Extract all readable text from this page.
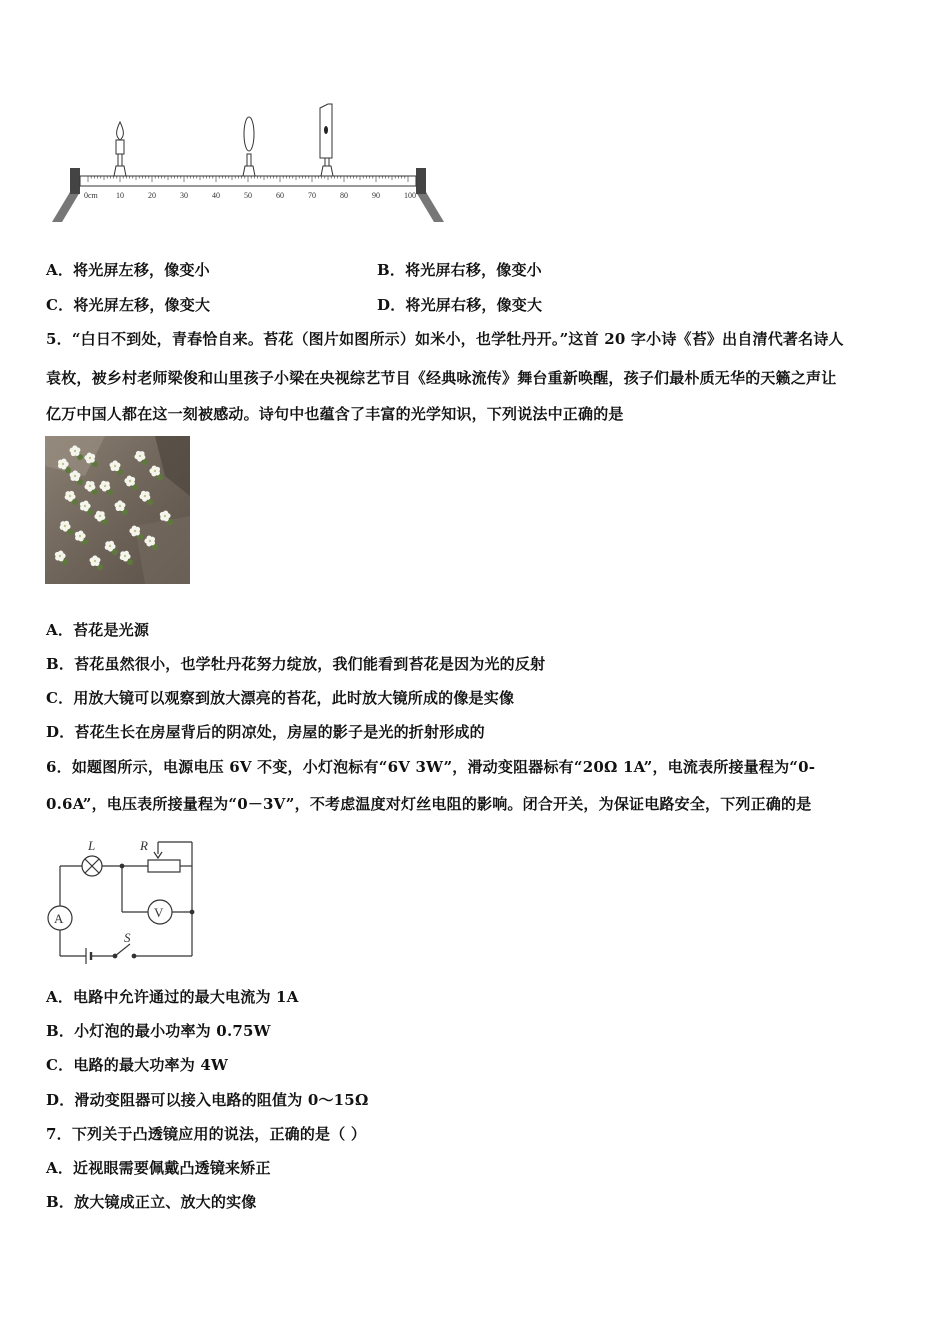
0cm 10	20	30	40	50	60	70	80	90	100
A．将光屏左移，像变小	B．将光屏右移，像变小
C．将光屏左移，像变大	D．将光屏右移，像变大
5．“白日不到处，青春恰自来。苔花（图片如图所示）如米小，也学牡丹开。”这首 20 字小诗《苔》出自清代著名诗人
袁枚，被乡村老师梁俊和山里孩子小梁在央视综艺节目《经典咏流传》舞台重新唤醒，孩子们最朴质无华的天籁之声让
亿万中国人都在这一刻被感动。诗句中也蕴含了丰富的光学知识，下列说法中正确的是
A．苔花是光源
B．苔花虽然很小，也学牡丹花努力绽放，我们能看到苔花是因为光的反射
C．用放大镜可以观察到放大漂亮的苔花，此时放大镜所成的像是实像
D．苔花生长在房屋背后的阴凉处，房屋的影子是光的折射形成的
6．如题图所示，电源电压 6V 不变，小灯泡标有“6V 3W”，滑动变阻器标有“20Ω 1A”，电流表所接量程为“0-
0.6A”，电压表所接量程为“0－3V”，不考虑温度对灯丝电阻的影响。闭合开关，为保证电路安全，下列正确的是
L	R
V
A
S
A．电路中允许通过的最大电流为 1A
B．小灯泡的最小功率为 0.75W
C．电路的最大功率为 4W
D．滑动变阻器可以接入电路的阻值为 0～15Ω
7．下列关于凸透镜应用的说法，正确的是（ ）
A．近视眼需要佩戴凸透镜来矫正
B．放大镜成正立、放大的实像
